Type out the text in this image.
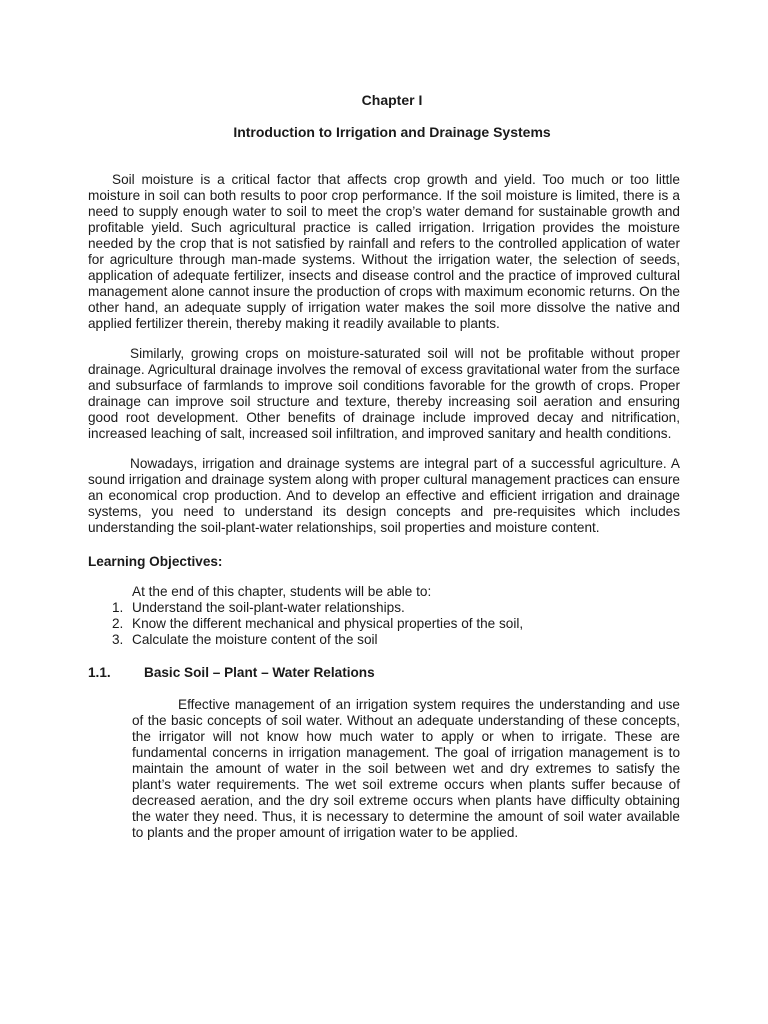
Chapter I
Introduction to Irrigation and Drainage Systems

Soil moisture is a critical factor that affects crop growth and yield. Too much or too little moisture in soil can both results to poor crop performance. If the soil moisture is limited, there is a need to supply enough water to soil to meet the crop’s water demand for sustainable growth and profitable yield. Such agricultural practice is called irrigation. Irrigation provides the moisture needed by the crop that is not satisfied by rainfall and refers to the controlled application of water for agriculture through man-made systems. Without the irrigation water, the selection of seeds, application of adequate fertilizer, insects and disease control and the practice of improved cultural management alone cannot insure the production of crops with maximum economic returns. On the other hand, an adequate supply of irrigation water makes the soil more dissolve the native and applied fertilizer therein, thereby making it readily available to plants.

Similarly, growing crops on moisture-saturated soil will not be profitable without proper drainage. Agricultural drainage involves the removal of excess gravitational water from the surface and subsurface of farmlands to improve soil conditions favorable for the growth of crops. Proper drainage can improve soil structure and texture, thereby increasing soil aeration and ensuring good root development. Other benefits of drainage include improved decay and nitrification, increased leaching of salt, increased soil infiltration, and improved sanitary and health conditions.

Nowadays, irrigation and drainage systems are integral part of a successful agriculture. A sound irrigation and drainage system along with proper cultural management practices can ensure an economical crop production. And to develop an effective and efficient irrigation and drainage systems, you need to understand its design concepts and pre-requisites which includes understanding the soil-plant-water relationships, soil properties and moisture content.

Learning Objectives:
At the end of this chapter, students will be able to:
1. Understand the soil-plant-water relationships.
2. Know the different mechanical and physical properties of the soil,
3. Calculate the moisture content of the soil
1.1.	Basic Soil – Plant – Water Relations

Effective management of an irrigation system requires the understanding and use of the basic concepts of soil water. Without an adequate understanding of these concepts, the irrigator will not know how much water to apply or when to irrigate. These are fundamental concerns in irrigation management. The goal of irrigation management is to maintain the amount of water in the soil between wet and dry extremes to satisfy the plant’s water requirements. The wet soil extreme occurs when plants suffer because of decreased aeration, and the dry soil extreme occurs when plants have difficulty obtaining the water they need. Thus, it is necessary to determine the amount of soil water available to plants and the proper amount of irrigation water to be applied.
